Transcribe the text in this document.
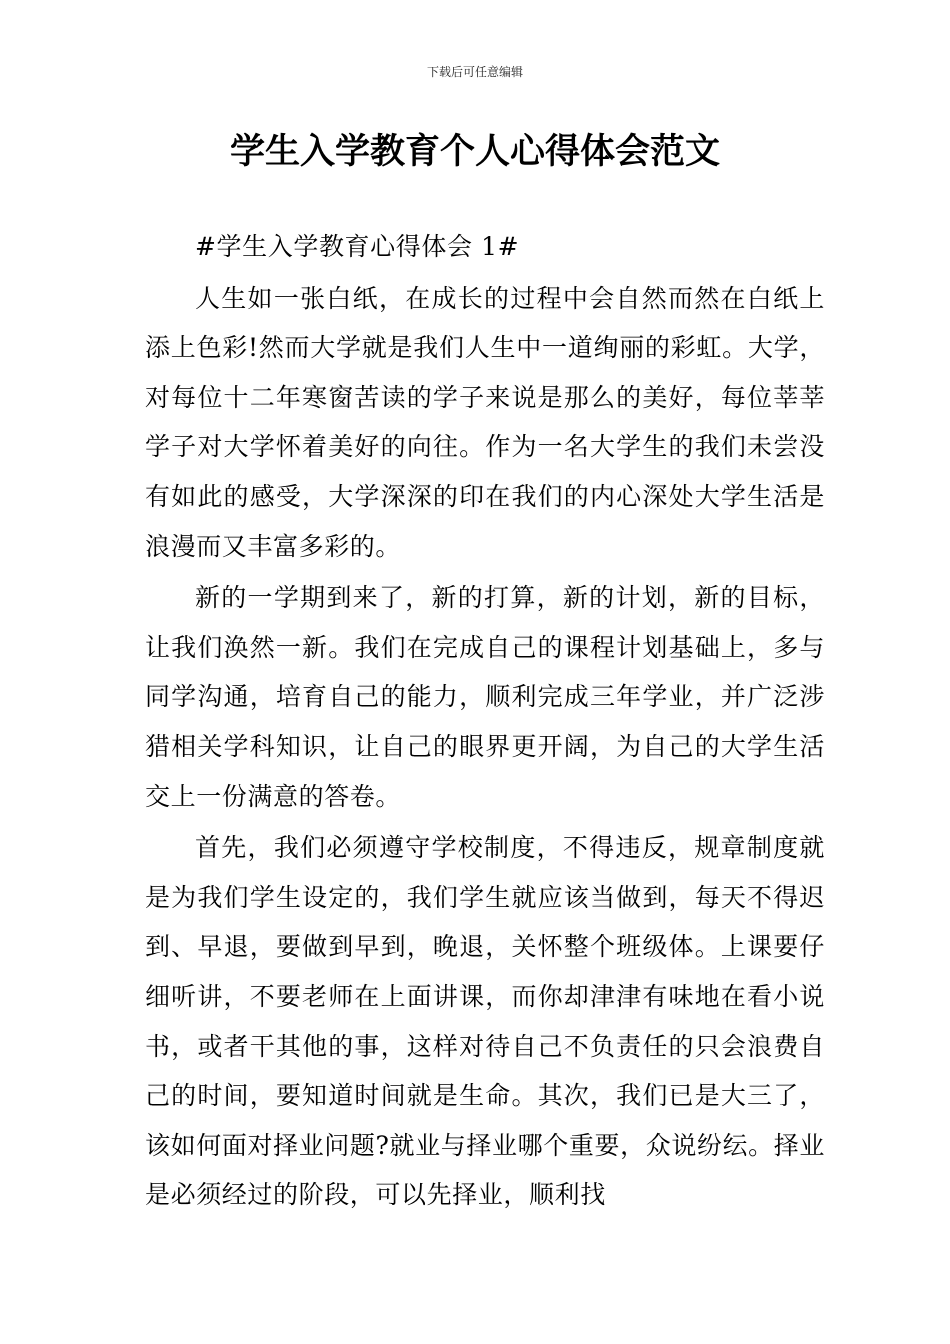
下载后可任意编辑
学生入学教育个人心得体会范文

#学生入学教育心得体会 1#

人生如一张白纸，在成长的过程中会自然而然在白纸上添上色彩!然而大学就是我们人生中一道绚丽的彩虹。大学，对每位十二年寒窗苦读的学子来说是那么的美好，每位莘莘学子对大学怀着美好的向往。作为一名大学生的我们未尝没有如此的感受，大学深深的印在我们的内心深处大学生活是浪漫而又丰富多彩的。

新的一学期到来了，新的打算，新的计划，新的目标，让我们涣然一新。我们在完成自己的课程计划基础上，多与同学沟通，培育自己的能力，顺利完成三年学业，并广泛涉猎相关学科知识，让自己的眼界更开阔，为自己的大学生活交上一份满意的答卷。

首先，我们必须遵守学校制度，不得违反，规章制度就是为我们学生设定的，我们学生就应该当做到，每天不得迟到、早退，要做到早到，晚退，关怀整个班级体。上课要仔细听讲，不要老师在上面讲课，而你却津津有味地在看小说书，或者干其他的事，这样对待自己不负责任的只会浪费自己的时间，要知道时间就是生命。其次，我们已是大三了，该如何面对择业问题?就业与择业哪个重要，众说纷纭。择业是必须经过的阶段，可以先择业，顺利找
